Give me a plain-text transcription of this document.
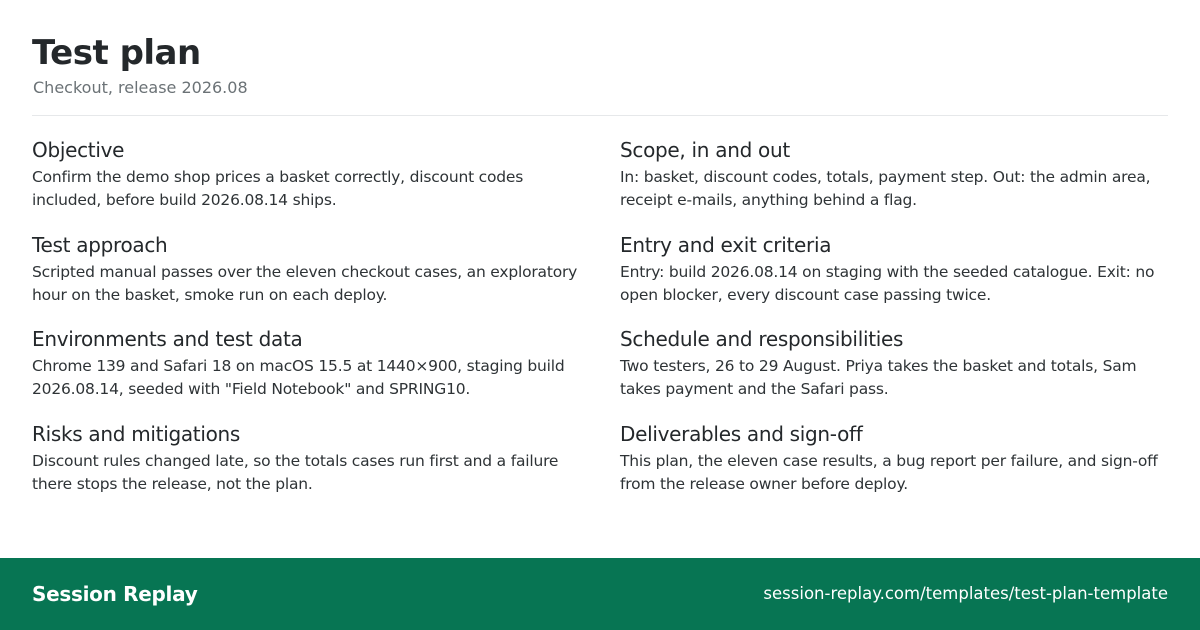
Test plan

Checkout, release 2026.08

Objective

Confirm the demo shop prices a basket correctly, discount codes included, before build 2026.08.14 ships.

Test approach

Scripted manual passes over the eleven checkout cases, an exploratory hour on the basket, smoke run on each deploy.

Environments and test data

Chrome 139 and Safari 18 on macOS 15.5 at 1440×900, staging build 2026.08.14, seeded with "Field Notebook" and SPRING10.

Risks and mitigations

Discount rules changed late, so the totals cases run first and a failure there stops the release, not the plan.

Scope, in and out

In: basket, discount codes, totals, payment step. Out: the admin area, receipt e-mails, anything behind a flag.

Entry and exit criteria

Entry: build 2026.08.14 on staging with the seeded catalogue. Exit: no open blocker, every discount case passing twice.

Schedule and responsibilities

Two testers, 26 to 29 August. Priya takes the basket and totals, Sam takes payment and the Safari pass.

Deliverables and sign-off

This plan, the eleven case results, a bug report per failure, and sign-off from the release owner before deploy.

Session Replay	session-replay.com/templates/test-plan-template
